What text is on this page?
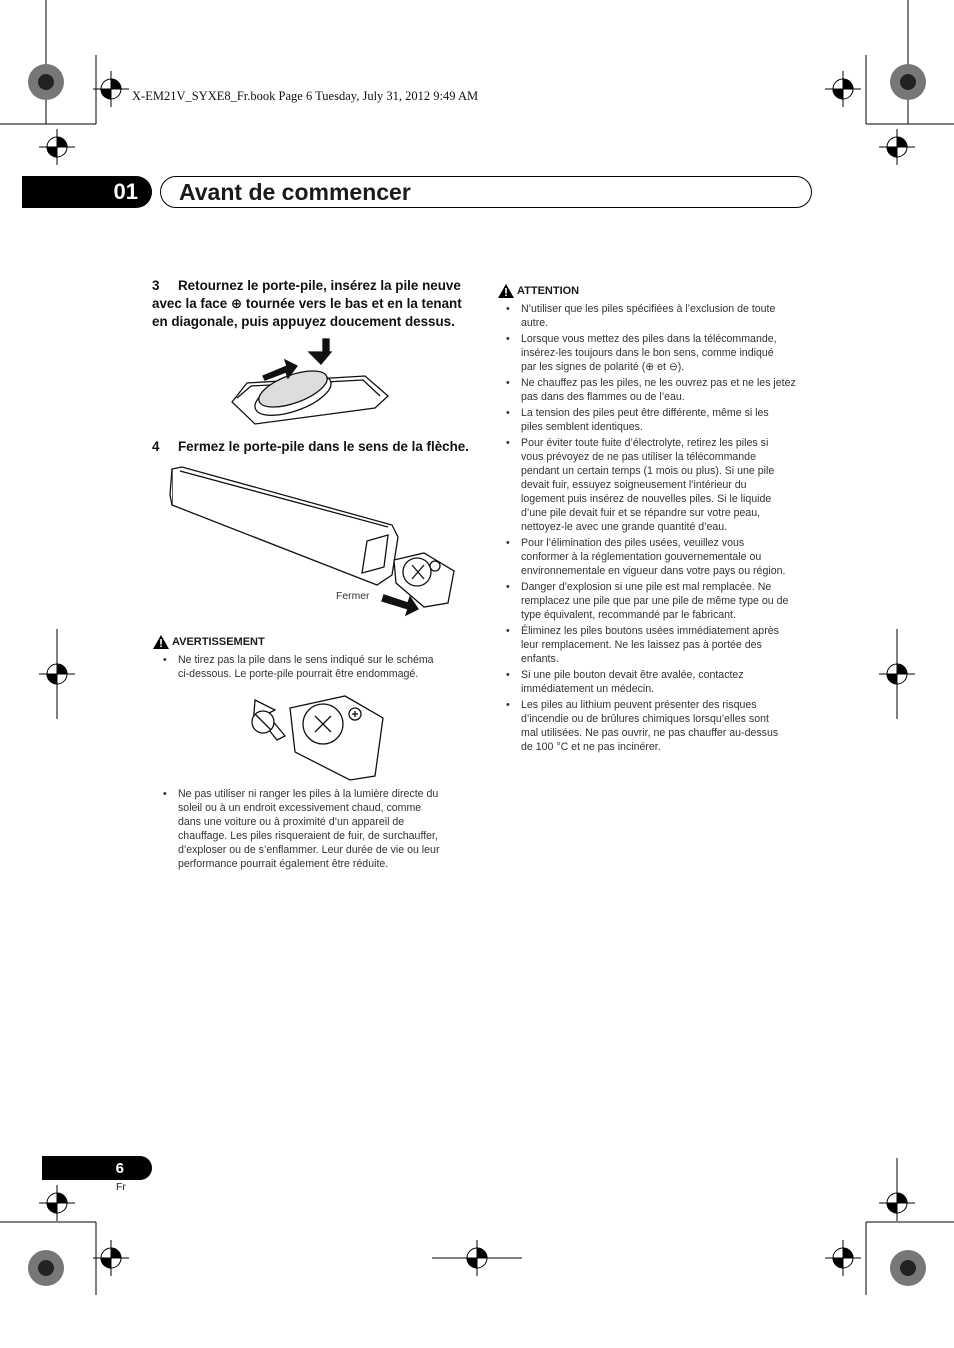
X-EM21V_SYXE8_Fr.book Page 6 Tuesday, July 31, 2012 9:49 AM
01 Avant de commencer
3 Retournez le porte-pile, insérez la pile neuve
avec la face ⊕ tournée vers le bas et en la tenant
en diagonale, puis appuyez doucement dessus.
4 Fermez le porte-pile dans le sens de la flèche.
Fermer
AVERTISSEMENT
• Ne tirez pas la pile dans le sens indiqué sur le schéma
ci-dessous. Le porte-pile pourrait être endommagé.
• Ne pas utiliser ni ranger les piles à la lumière directe du
soleil ou à un endroit excessivement chaud, comme
dans une voiture ou à proximité d’un appareil de
chauffage. Les piles risqueraient de fuir, de surchauffer,
d’exploser ou de s’enflammer. Leur durée de vie ou leur
performance pourrait également être réduite.
ATTENTION
• N’utiliser que les piles spécifiées à l’exclusion de toute
autre.
• Lorsque vous mettez des piles dans la télécommande,
insérez-les toujours dans le bon sens, comme indiqué
par les signes de polarité (⊕ et ⊖).
• Ne chauffez pas les piles, ne les ouvrez pas et ne les jetez
pas dans des flammes ou de l’eau.
• La tension des piles peut être différente, même si les
piles semblent identiques.
• Pour éviter toute fuite d’électrolyte, retirez les piles si
vous prévoyez de ne pas utiliser la télécommande
pendant un certain temps (1 mois ou plus). Si une pile
devait fuir, essuyez soigneusement l’intérieur du
logement puis insérez de nouvelles piles. Si le liquide
d’une pile devait fuir et se répandre sur votre peau,
nettoyez-le avec une grande quantité d’eau.
• Pour l’élimination des piles usées, veuillez vous
conformer à la réglementation gouvernementale ou
environnementale en vigueur dans votre pays ou région.
• Danger d’explosion si une pile est mal remplacée. Ne
remplacez une pile que par une pile de même type ou de
type équivalent, recommandé par le fabricant.
• Éliminez les piles boutons usées immédiatement après
leur remplacement. Ne les laissez pas à portée des
enfants.
• Si une pile bouton devait être avalée, contactez
immédiatement un médecin.
• Les piles au lithium peuvent présenter des risques
d’incendie ou de brûlures chimiques lorsqu’elles sont
mal utilisées. Ne pas ouvrir, ne pas chauffer au-dessus
de 100 °C et ne pas incinérer.
6
Fr
